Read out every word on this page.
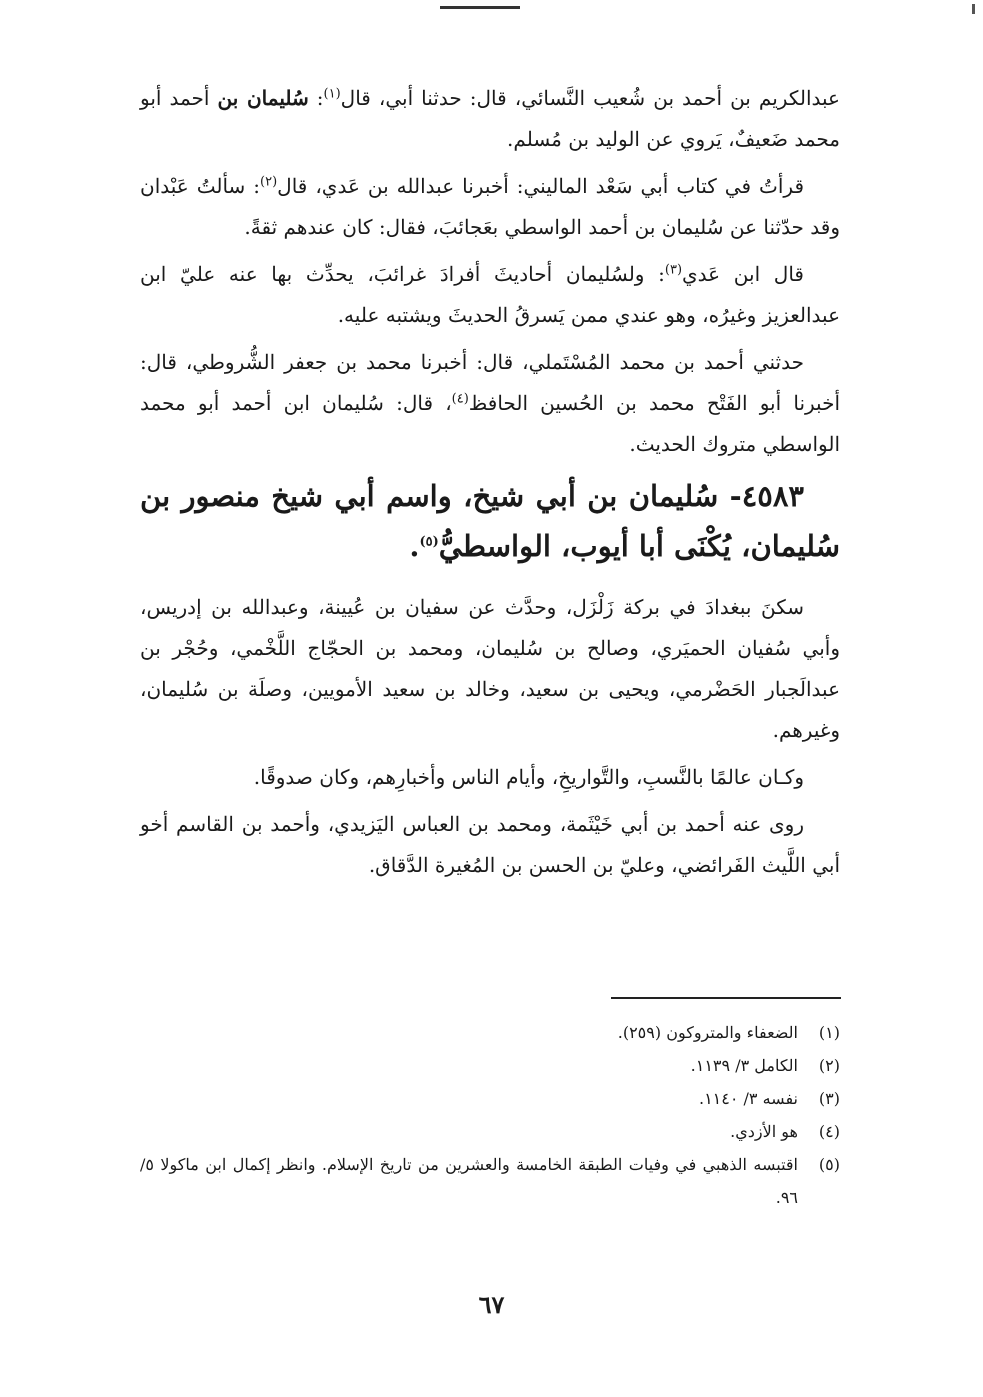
عبدالكريم بن أحمد بن شُعيب النَّسائي، قال: حدثنا أبي، قال$^{(١)}$: سُليمان بن أحمد أبو محمد ضَعيفٌ، يَروي عن الوليد بن مُسلم.

قرأتُ في كتاب أبي سَعْد الماليني: أخبرنا عبدالله بن عَدي، قال$^{(٢)}$: سألتُ عَبْدان وقد حدّثنا عن سُليمان بن أحمد الواسطي بعَجائبَ، فقال: كان عندهم ثقةً.

قال ابن عَدي$^{(٣)}$: ولسُليمان أحاديثَ أفرادَ غرائبَ، يحدِّث بها عنه عليّ ابن عبدالعزيز وغيرُه، وهو عندي ممن يَسرقُ الحديثَ ويشتبه عليه.

حدثني أحمد بن محمد المُسْتَملي، قال: أخبرنا محمد بن جعفر الشُّروطي، قال: أخبرنا أبو الفَتْح محمد بن الحُسين الحافظ$^{(٤)}$، قال: سُليمان ابن أحمد أبو محمد الواسطي متروك الحديث.

٤٥٨٣- سُليمان بن أبي شيخ، واسم أبي شيخ منصور بن سُليمان، يُكْنَى أبا أيوب، الواسطيُّ$^{(٥)}$.

سكنَ ببغدادَ في بركة زَلْزَل، وحدَّث عن سفيان بن عُيينة، وعبدالله بن إدريس، وأبي سُفيان الحميَري، وصالح بن سُليمان، ومحمد بن الحجّاج اللَّخْمي، وحُجْر بن عبدالَجبار الحَضْرمي، ويحيى بن سعيد، وخالد بن سعيد الأمويين، وصلَة بن سُليمان، وغيرهم.

وكـان عالمًا بالنَّسبِ، والتَّواريخِ، وأيام الناس وأخبارِهم، وكان صدوقًا.

روى عنه أحمد بن أبي خَيْثَمة، ومحمد بن العباس اليَزيدي، وأحمد بن القاسم أخو أبي اللَّيث الفَرائضي، وعليّ بن الحسن بن المُغيرة الدَّقاق.

(١)
الضعفاء والمتروكون (٢٥٩).
(٢)
الكامل ٣/ ١١٣٩.
(٣)
نفسه ٣/ ١١٤٠.
(٤)
هو الأزدي.
(٥)
اقتبسه الذهبي في وفيات الطبقة الخامسة والعشرين من تاريخ الإسلام. وانظر إكمال ابن ماكولا ٥/ ٩٦.
٦٧
